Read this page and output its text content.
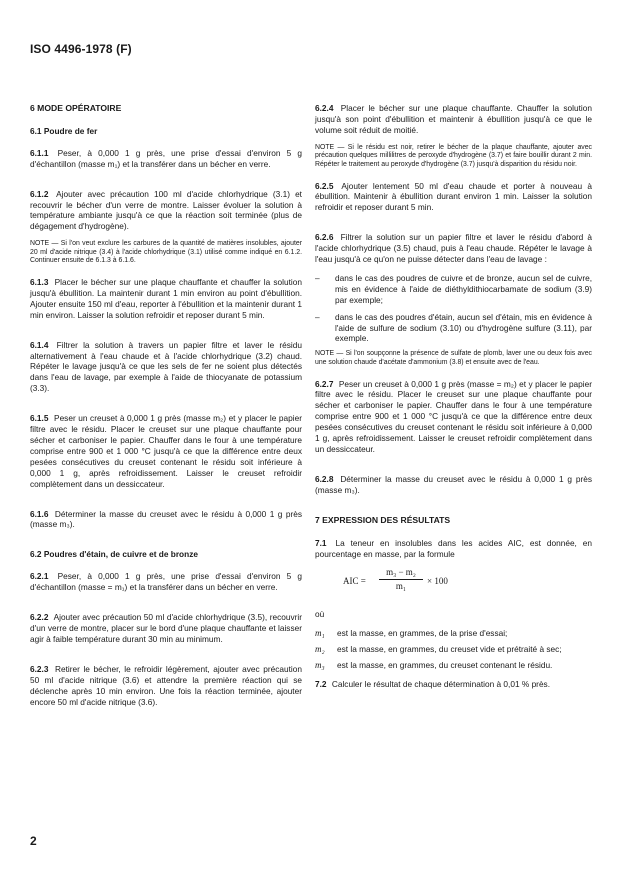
ISO 4496-1978 (F)
6 MODE OPÉRATOIRE
6.1 Poudre de fer

6.1.1 Peser, à 0,000 1 g près, une prise d'essai d'environ 5 g d'échantillon (masse m₁) et la transférer dans un bécher en verre.

6.1.2 Ajouter avec précaution 100 ml d'acide chlorhydrique (3.1) et recouvrir le bécher d'un verre de montre. Laisser évoluer la solution à température ambiante jusqu'à ce que la réaction soit terminée (plus de dégagement d'hydrogène).

NOTE — Si l'on veut exclure les carbures de la quantité de matières insolubles, ajouter 20 ml d'acide nitrique (3.4) à l'acide chlorhydrique (3.1) utilisé comme indiqué en 6.1.2. Continuer ensuite de 6.1.3 à 6.1.6.

6.1.3 Placer le bécher sur une plaque chauffante et chauffer la solution jusqu'à ébullition. La maintenir durant 1 min environ au point d'ébullition. Ajouter ensuite 150 ml d'eau, reporter à l'ébullition et la maintenir durant 1 min environ. Laisser la solution refroidir et reposer durant 5 min.

6.1.4 Filtrer la solution à travers un papier filtre et laver le résidu alternativement à l'eau chaude et à l'acide chlorhydrique (3.2) chaud. Répéter le lavage jusqu'à ce que les sels de fer ne soient plus détectés dans l'eau de lavage, par exemple à l'aide de thiocyanate de potassium (3.3).

6.1.5 Peser un creuset à 0,000 1 g près (masse m₂) et y placer le papier filtre avec le résidu. Placer le creuset sur une plaque chauffante pour sécher et carboniser le papier. Chauffer dans le four à une température comprise entre 900 et 1 000 °C jusqu'à ce que la différence entre deux pesées consécutives du creuset contenant le résidu soit inférieure à 0,000 1 g, après refroidissement. Laisser le creuset refroidir complètement dans un dessiccateur.

6.1.6 Déterminer la masse du creuset avec le résidu à 0,000 1 g près (masse m₃).

6.2 Poudres d'étain, de cuivre et de bronze

6.2.1 Peser, à 0,000 1 g près, une prise d'essai d'environ 5 g d'échantillon (masse = m₁) et la transférer dans un bécher en verre.

6.2.2 Ajouter avec précaution 50 ml d'acide chlorhydrique (3.5), recouvrir d'un verre de montre, placer sur le bord d'une plaque chauffante et laisser agir à faible température durant 30 min au minimum.

6.2.3 Retirer le bécher, le refroidir légèrement, ajouter avec précaution 50 ml d'acide nitrique (3.6) et attendre la première réaction qui se déclenche après 10 min environ. Une fois la réaction terminée, ajouter encore 50 ml d'acide nitrique (3.6).

6.2.4 Placer le bécher sur une plaque chauffante. Chauffer la solution jusqu'à son point d'ébullition et maintenir à ébullition jusqu'à ce que le volume soit réduit de moitié.

NOTE — Si le résidu est noir, retirer le bécher de la plaque chauffante, ajouter avec précaution quelques millilitres de peroxyde d'hydrogène (3.7) et faire bouillir durant 2 min. Répéter le traitement au peroxyde d'hydrogène (3.7) jusqu'à disparition du résidu noir.

6.2.5 Ajouter lentement 50 ml d'eau chaude et porter à nouveau à ébullition. Maintenir à ébullition durant environ 1 min. Laisser la solution refroidir et reposer durant 5 min.

6.2.6 Filtrer la solution sur un papier filtre et laver le résidu d'abord à l'acide chlorhydrique (3.5) chaud, puis à l'eau chaude. Répéter le lavage à l'eau jusqu'à ce qu'on ne puisse détecter dans l'eau de lavage :

–	dans le cas des poudres de cuivre et de bronze, aucun sel de cuivre, mis en évidence à l'aide de diéthyldithiocarbamate de sodium (3.9) par exemple;
–	dans le cas des poudres d'étain, aucun sel d'étain, mis en évidence à l'aide de sulfure de sodium (3.10) ou d'hydrogène sulfure (3.11), par exemple.

NOTE — Si l'on soupçonne la présence de sulfate de plomb, laver une ou deux fois avec une solution chaude d'acétate d'ammonium (3.8) et ensuite avec de l'eau.

6.2.7 Peser un creuset à 0,000 1 g près (masse = m₂) et y placer le papier filtre avec le résidu. Placer le creuset sur une plaque chauffante pour sécher et carboniser le papier. Chauffer dans le four à une température comprise entre 900 et 1 000 °C jusqu'à ce que la différence entre deux pesées consécutives du creuset contenant le résidu soit inférieure à 0,000 1 g, après refroidissement. Laisser le creuset refroidir complètement dans un dessiccateur.

6.2.8 Déterminer la masse du creuset avec le résidu à 0,000 1 g près (masse m₃).

7 EXPRESSION DES RÉSULTATS

7.1 La teneur en insolubles dans les acides AIC, est donnée, en pourcentage en masse, par la formule

AIC = $\frac{\text{m₃ − m₂}}{\text{m₁}} \times 100$

où

m₁	est la masse, en grammes, de la prise d'essai;
m₂	est la masse, en grammes, du creuset vide et prétraité à sec;
m₃	est la masse, en grammes, du creuset contenant le résidu.

7.2 Calculer le résultat de chaque détermination à 0,01 % près.

2
